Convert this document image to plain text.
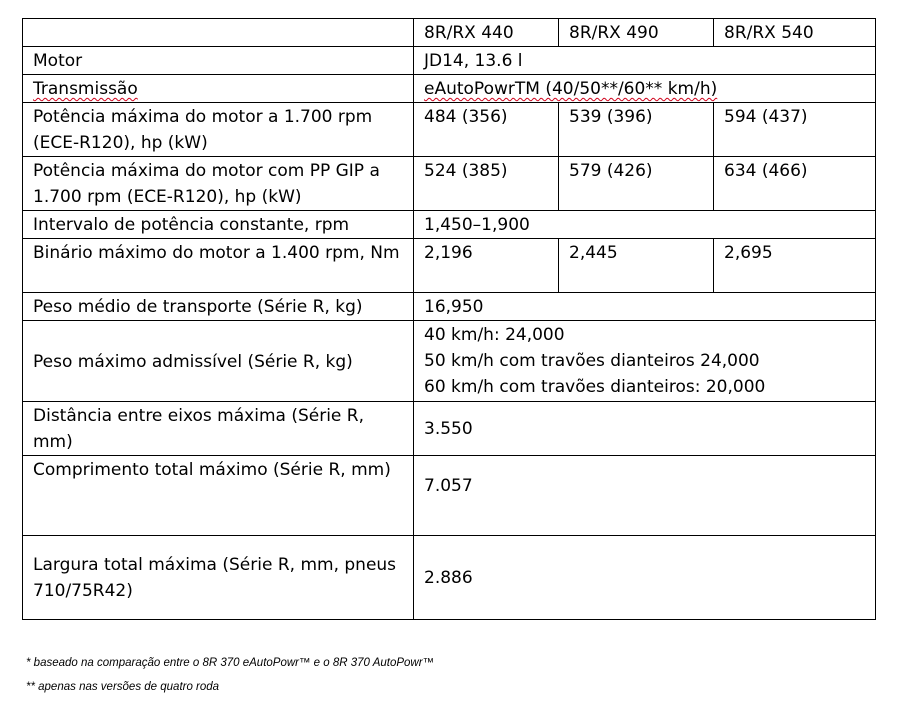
	8R/RX 440	8R/RX 490	8R/RX 540
Motor	JD14, 13.6 l		
Transmissão	eAutoPowrTM (40/50**/60** km/h)		
Potência máxima do motor a 1.700 rpm (ECE-R120), hp (kW)	484 (356)	539 (396)	594 (437)
Potência máxima do motor com PP GIP a 1.700 rpm (ECE-R120), hp (kW)	524 (385)	579 (426)	634 (466)
Intervalo de potência constante, rpm	1,450–1,900		
Binário máximo do motor a 1.400 rpm, Nm	2,196	2,445	2,695
Peso médio de transporte (Série R, kg)	16,950		
Peso máximo admissível (Série R, kg)	40 km/h: 24,000
50 km/h com travões dianteiros 24,000
60 km/h com travões dianteiros: 20,000		
Distância entre eixos máxima (Série R, mm)	3.550		
Comprimento total máximo (Série R, mm)	7.057		

Largura total máxima (Série R, mm, pneus 710/75R42)	2.886		
* baseado na comparação entre o 8R 370 eAutoPowr™ e o 8R 370 AutoPowr™
** apenas nas versões de quatro roda
